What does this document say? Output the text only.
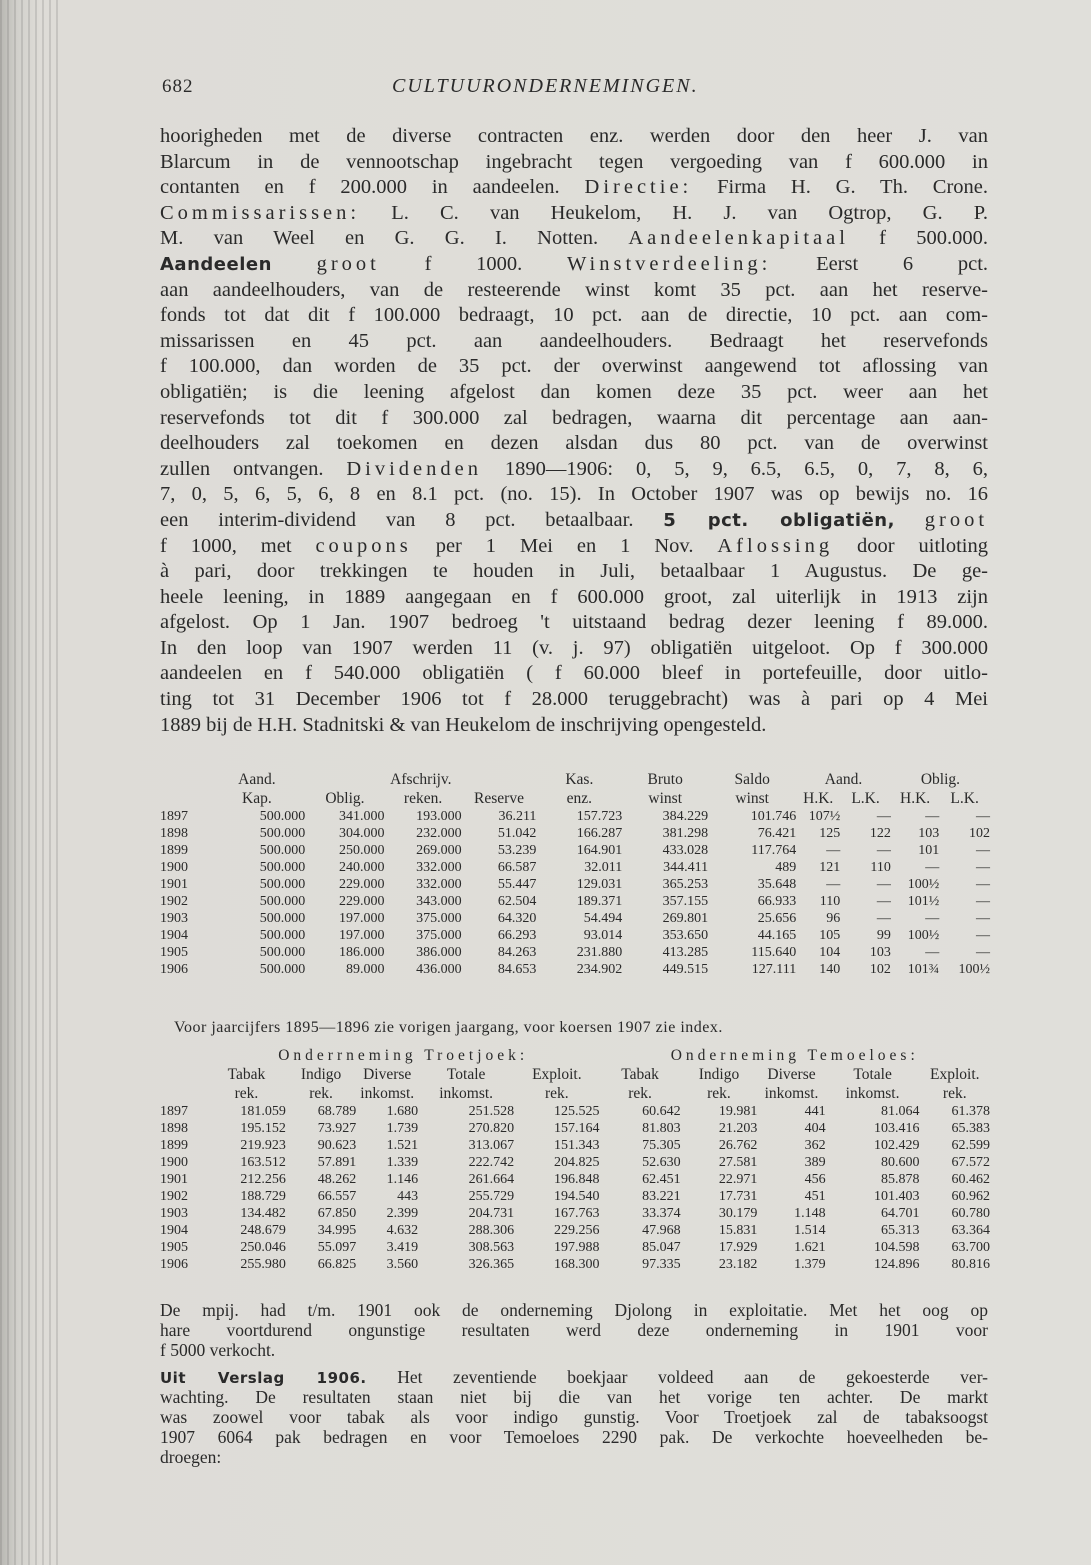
682	CULTUURONDERNEMINGEN.
hoorigheden met de diverse contracten enz. werden door den heer J. van
Blarcum in de vennootschap ingebracht tegen vergoeding van f 600.000 in
contanten en f 200.000 in aandeelen. Directie: Firma H. G. Th. Crone.
Commissarissen: L. C. van Heukelom, H. J. van Ogtrop, G. P.
M. van Weel en G. G. I. Notten. Aandeelenkapitaal f 500.000.
Aandeelen groot f 1000. Winstverdeeling: Eerst 6 pct.
aan aandeelhouders, van de resteerende winst komt 35 pct. aan het reserve-
fonds tot dat dit f 100.000 bedraagt, 10 pct. aan de directie, 10 pct. aan com-
missarissen en 45 pct. aan aandeelhouders. Bedraagt het reservefonds
f 100.000, dan worden de 35 pct. der overwinst aangewend tot aflossing van
obligatiën; is die leening afgelost dan komen deze 35 pct. weer aan het
reservefonds tot dit f 300.000 zal bedragen, waarna dit percentage aan aan-
deelhouders zal toekomen en dezen alsdan dus 80 pct. van de overwinst
zullen ontvangen. Dividenden 1890—1906: 0, 5, 9, 6.5, 6.5, 0, 7, 8, 6,
7, 0, 5, 6, 5, 6, 8 en 8.1 pct. (no. 15). In October 1907 was op bewijs no. 16
een interim-dividend van 8 pct. betaalbaar. 5 pct. obligatiën, groot
f 1000, met coupons per 1 Mei en 1 Nov. Aflossing door uitloting
à pari, door trekkingen te houden in Juli, betaalbaar 1 Augustus. De ge-
heele leening, in 1889 aangegaan en f 600.000 groot, zal uiterlijk in 1913 zijn
afgelost. Op 1 Jan. 1907 bedroeg 't uitstaand bedrag dezer leening f 89.000.
In den loop van 1907 werden 11 (v. j. 97) obligatiën uitgeloot. Op f 300.000
aandeelen en f 540.000 obligatiën ( f 60.000 bleef in portefeuille, door uitlo-
ting tot 31 December 1906 tot f 28.000 teruggebracht) was à pari op 4 Mei
1889 bij de H.H. Stadnitski & van Heukelom de inschrijving opengesteld.
	Aand.	Afschrijv.			Kas.	Bruto	Saldo	Aand.		Oblig.	
	Kap.	Oblig.	reken.	Reserve	enz.	winst	winst	H.K.	L.K.	H.K.	L.K.
1897	500.000	341.000	193.000	36.211	157.723	384.229	101.746	107½	—	—	—
1898	500.000	304.000	232.000	51.042	166.287	381.298	76.421	125	122	103	102
1899	500.000	250.000	269.000	53.239	164.901	433.028	117.764	—	—	101	—
1900	500.000	240.000	332.000	66.587	32.011	344.411	489	121	110	—	—
1901	500.000	229.000	332.000	55.447	129.031	365.253	35.648	—	—	100½	—
1902	500.000	229.000	343.000	62.504	189.371	357.155	66.933	110	—	101½	—
1903	500.000	197.000	375.000	64.320	54.494	269.801	25.656	96	—	—	—
1904	500.000	197.000	375.000	66.293	93.014	353.650	44.165	105	99	100½	—
1905	500.000	186.000	386.000	84.263	231.880	413.285	115.640	104	103	—	—
1906	500.000	89.000	436.000	84.653	234.902	449.515	127.111	140	102	101¾	100½
Voor jaarcijfers 1895—1896 zie vorigen jaargang, voor koersen 1907 zie index.
	Onderrneming Troetjoek:					Onderneming Temoeloes:				
	Tabak	Indigo	Diverse	Totale	Exploit.	Tabak	Indigo	Diverse	Totale	Exploit.
	rek.	rek.	inkomst.	inkomst.	rek.	rek.	rek.	inkomst.	inkomst.	rek.
1897	181.059	68.789	1.680	251.528	125.525	60.642	19.981	441	81.064	61.378
1898	195.152	73.927	1.739	270.820	157.164	81.803	21.203	404	103.416	65.383
1899	219.923	90.623	1.521	313.067	151.343	75.305	26.762	362	102.429	62.599
1900	163.512	57.891	1.339	222.742	204.825	52.630	27.581	389	80.600	67.572
1901	212.256	48.262	1.146	261.664	196.848	62.451	22.971	456	85.878	60.462
1902	188.729	66.557	443	255.729	194.540	83.221	17.731	451	101.403	60.962
1903	134.482	67.850	2.399	204.731	167.763	33.374	30.179	1.148	64.701	60.780
1904	248.679	34.995	4.632	288.306	229.256	47.968	15.831	1.514	65.313	63.364
1905	250.046	55.097	3.419	308.563	197.988	85.047	17.929	1.621	104.598	63.700
1906	255.980	66.825	3.560	326.365	168.300	97.335	23.182	1.379	124.896	80.816
De mpij. had t/m. 1901 ook de onderneming Djolong in exploitatie. Met het oog op
hare voortdurend ongunstige resultaten werd deze onderneming in 1901 voor
f 5000 verkocht.
Uit Verslag 1906. Het zeventiende boekjaar voldeed aan de gekoesterde ver-
wachting. De resultaten staan niet bij die van het vorige ten achter. De markt
was zoowel voor tabak als voor indigo gunstig. Voor Troetjoek zal de tabaksoogst
1907 6064 pak bedragen en voor Temoeloes 2290 pak. De verkochte hoeveelheden be-
droegen:
